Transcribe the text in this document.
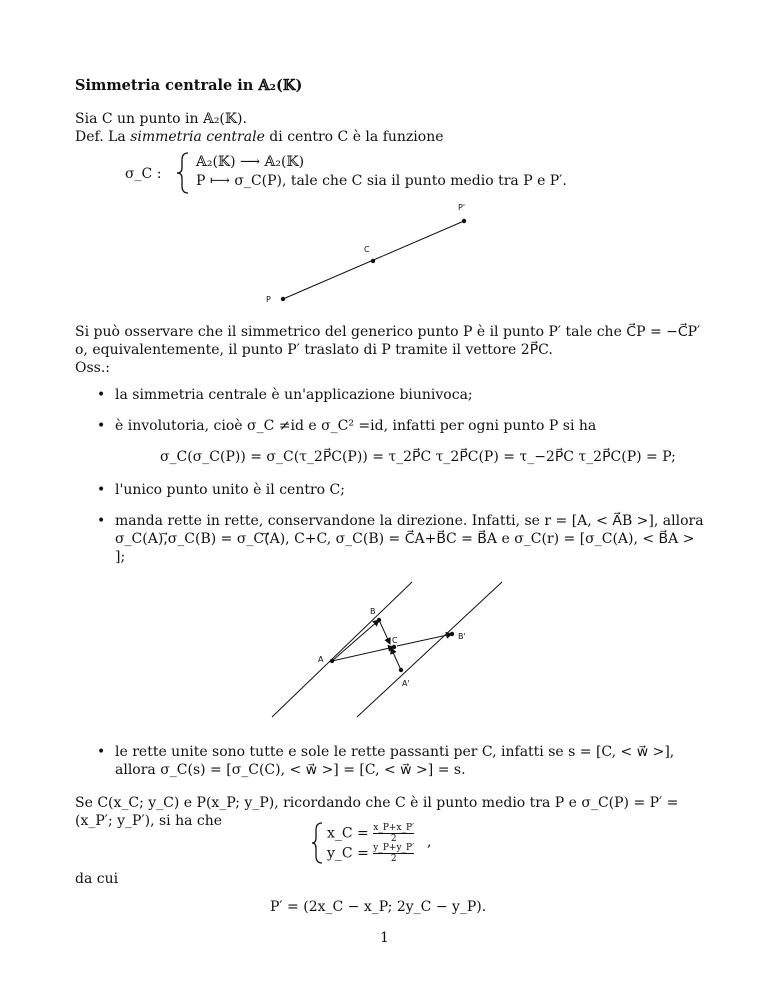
Simmetria centrale in 𝔸₂(𝕂)
Sia C un punto in 𝔸₂(𝕂).
Def. La simmetria centrale di centro C è la funzione
σ_C :
𝔸₂(𝕂) ⟶ 𝔸₂(𝕂)
P ⟼ σ_C(P), tale che C sia il punto medio tra P e P′.
P
C
P'
Si può osservare che il simmetrico del generico punto P è il punto P′ tale che C⃗P = −C⃗P′
o, equivalentemente, il punto P′ traslato di P tramite il vettore 2P⃗C.
Oss.:
• la simmetria centrale è un'applicazione biunivoca;
• è involutoria, cioè σ_C ≠id e σ_C² =id, infatti per ogni punto P si ha
σ_C(σ_C(P)) = σ_C(τ_2P⃗C(P)) = τ_2P⃗C τ_2P⃗C(P) = τ_−2P⃗C τ_2P⃗C(P) = P;
• l'unico punto unito è il centro C;
• manda rette in rette, conservandone la direzione. Infatti, se r = [A, < A⃗B >], allora
σ_C(A),⃗σ_C(B) = σ_C(⃗A), C+C, σ_C(B) = C⃗A+B⃗C = B⃗A e σ_C(r) = [σ_C(A), < B⃗A >
];
A
B
C	B'
A'
• le rette unite sono tutte e sole le rette passanti per C, infatti se s = [C, < w⃗ >],
allora σ_C(s) = [σ_C(C), < w⃗ >] = [C, < w⃗ >] = s.
Se C(x_C; y_C) e P(x_P; y_P), ricordando che C è il punto medio tra P e σ_C(P) = P′ =
(x_P′; y_P′), si ha che
x_C = $\frac{x\_P+x\_P'}{2}$
y_C = $\frac{y\_P+y\_P'}{2}$
,
da cui
P′ = (2x_C − x_P; 2y_C − y_P).
1
